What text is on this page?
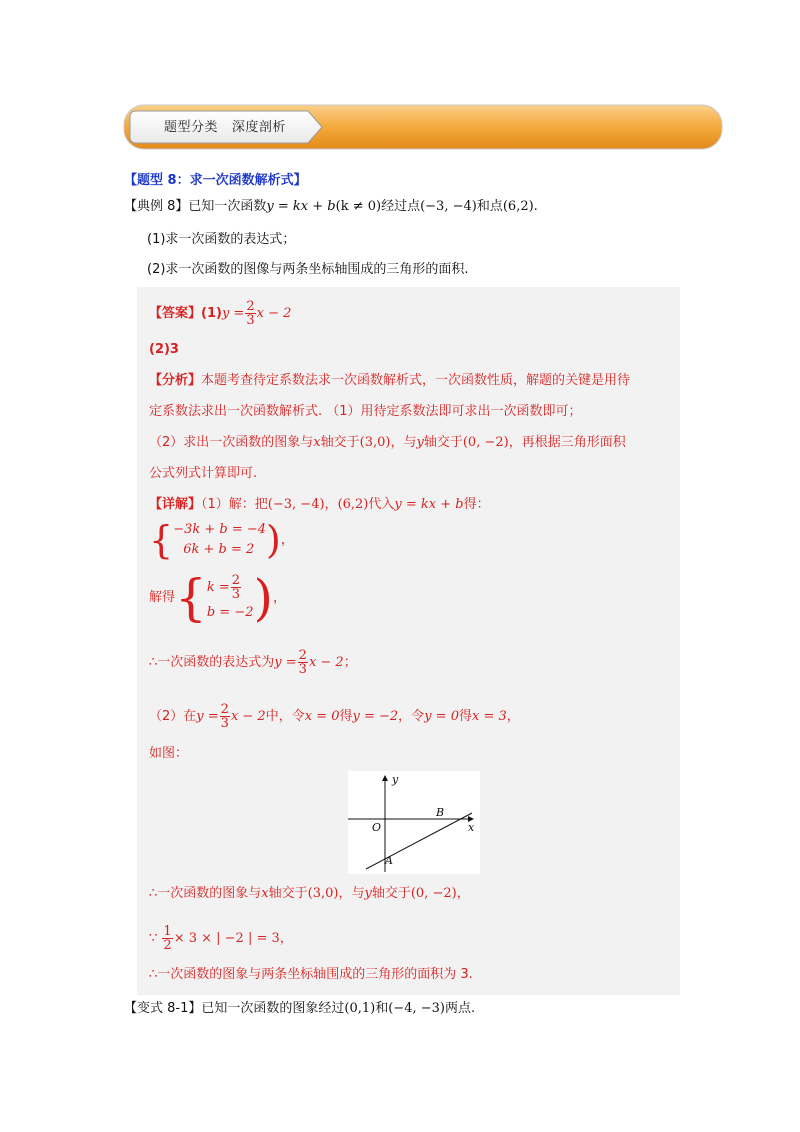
题型分类   深度剖析
【题型 8：求一次函数解析式】
【典例 8】已知一次函数y = kx + b(k ≠ 0)经过点(−3, −4)和点(6,2).
(1)求一次函数的表达式；
(2)求一次函数的图像与两条坐标轴围成的三角形的面积.
【答案】$(1)y = \frac{2}{3}$ x − 2
(2)3
【分析】本题考查待定系数法求一次函数解析式，一次函数性质，解题的关键是用待
定系数法求出一次函数解析式. （1）用待定系数法即可求出一次函数即可；
（2）求出一次函数的图象与x轴交于(3,0)，与y轴交于(0, −2)，再根据三角形面积
公式列式计算即可.
【详解】（1）解：把(−3, −4)，(6,2)代入y = kx + b得：
{ −3k + b = −4
6k + b = 2 )，
解得{ $k = \frac{2}{3}$
b = −2 )，
∴一次函数的表达式为$y = \frac{2}{3}$ x − 2；
（2）在$y = \frac{2}{3}$ x − 2中，令x = 0得y = −2，令y = 0得x = 3，
如图：
y
x
O
A
B
∴一次函数的图象与x轴交于(3,0)，与y轴交于(0, −2)，
∵ $\frac{1}{2} \times 3$ × | −2 | = 3，
∴一次函数的图象与两条坐标轴围成的三角形的面积为 3.
【变式 8-1】已知一次函数的图象经过(0,1)和(−4, −3)两点.
